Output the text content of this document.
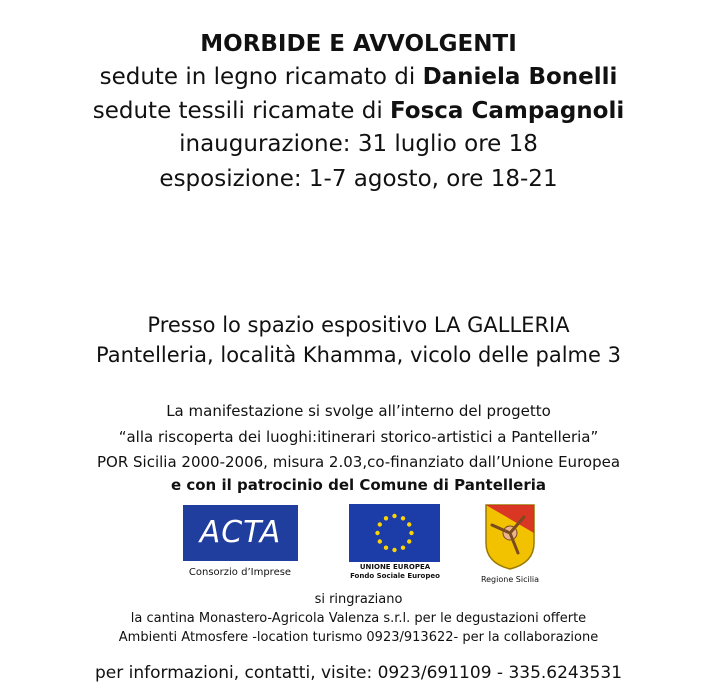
MORBIDE E AVVOLGENTI
sedute in legno ricamato di Daniela Bonelli
sedute tessili ricamate di Fosca Campagnoli
inaugurazione: 31 luglio ore 18
esposizione: 1-7 agosto, ore 18-21
Presso lo spazio espositivo LA GALLERIA
Pantelleria, località Khamma, vicolo delle palme 3
La manifestazione si svolge all’interno del progetto
“alla riscoperta dei luoghi:itinerari storico-artistici a Pantelleria”
POR Sicilia 2000-2006, misura 2.03,co-finanziato dall’Unione Europea
e con il patrocinio del Comune di Pantelleria
ACTA
Consorzio d’Imprese	UNIONE EUROPEA
Fondo Sociale Europeo	Regione Sicilia
si ringraziano
la cantina Monastero-Agricola Valenza s.r.l. per le degustazioni offerte
Ambienti Atmosfere -location turismo 0923/913622- per la collaborazione
per informazioni, contatti, visite: 0923/691109 - 335.6243531
